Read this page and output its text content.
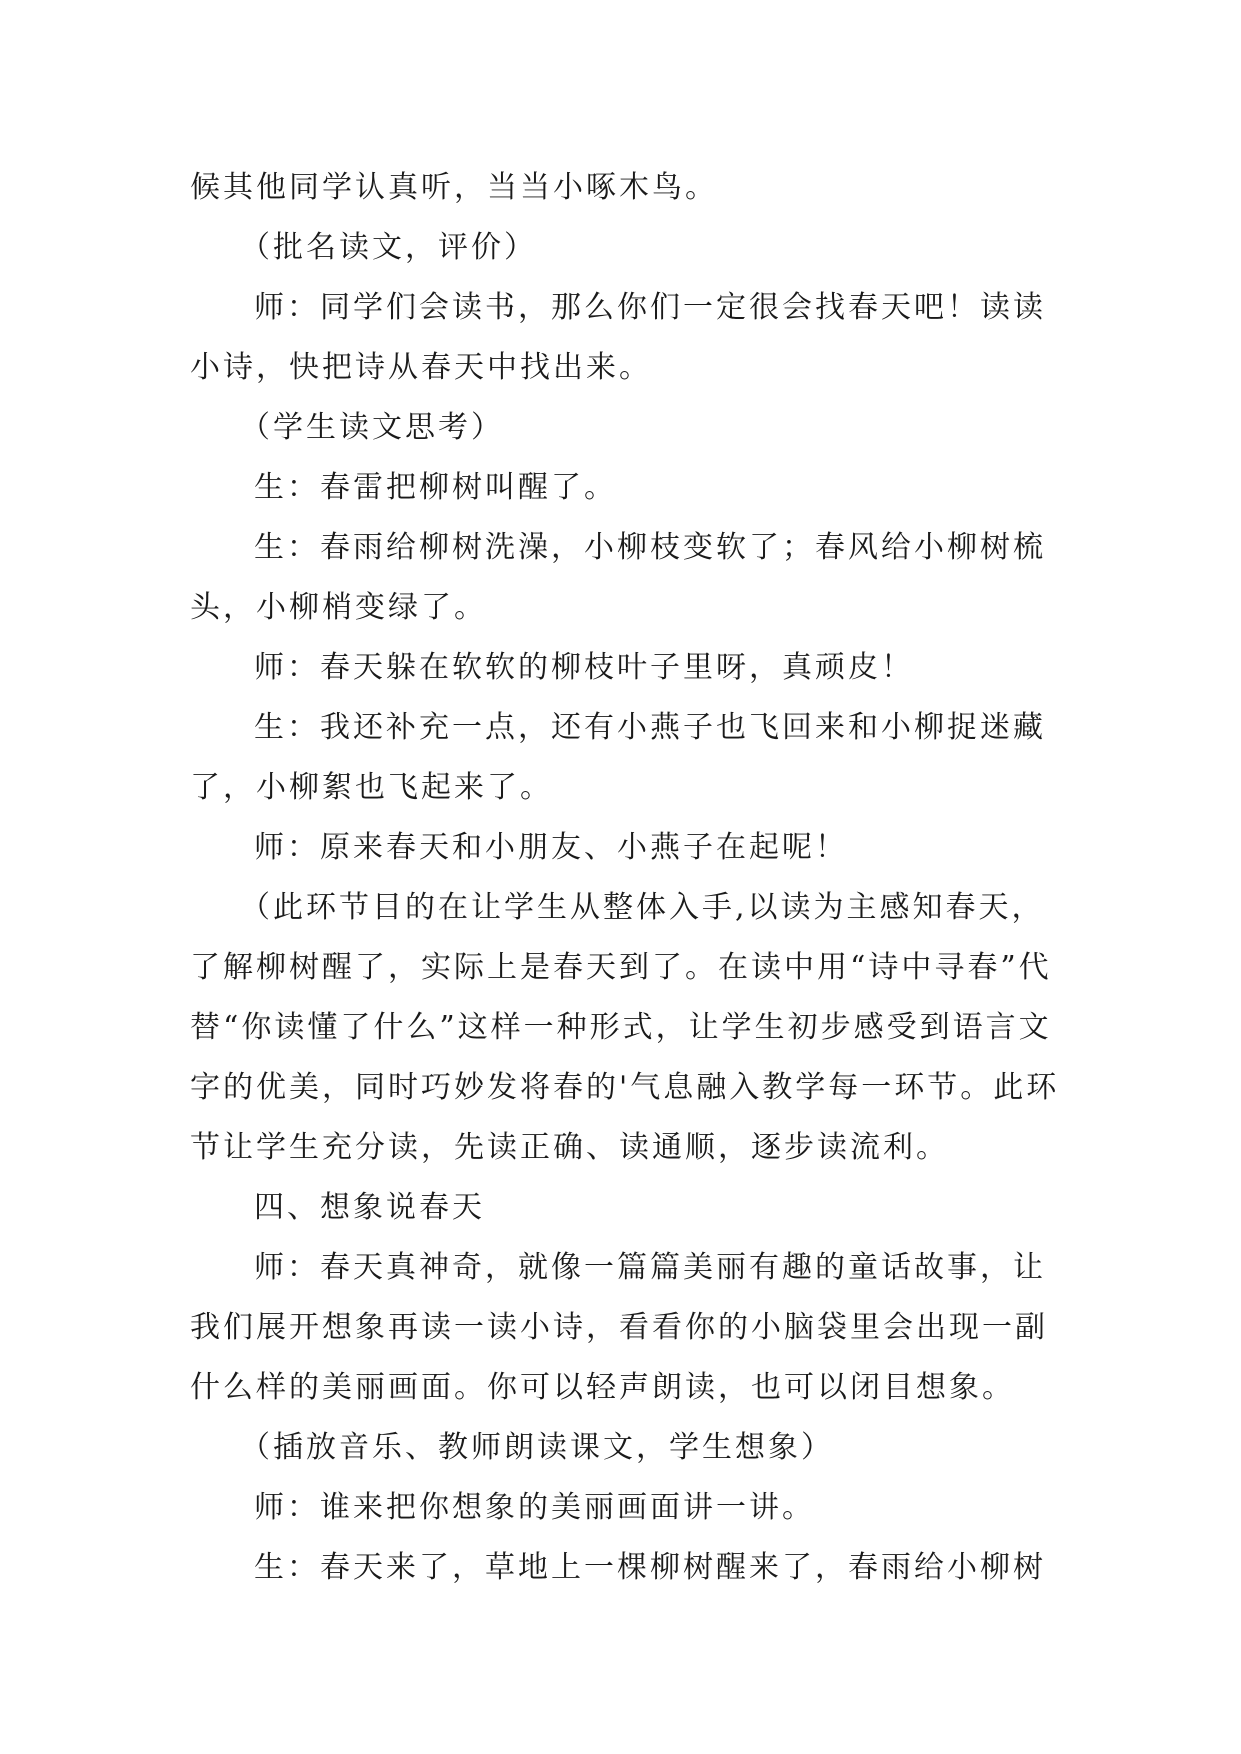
候其他同学认真听，当当小啄木鸟。

（批名读文，评价）

师：同学们会读书，那么你们一定很会找春天吧！读读小诗，快把诗从春天中找出来。

（学生读文思考）

生：春雷把柳树叫醒了。

生：春雨给柳树洗澡，小柳枝变软了；春风给小柳树梳头，小柳梢变绿了。

师：春天躲在软软的柳枝叶子里呀，真顽皮！

生：我还补充一点，还有小燕子也飞回来和小柳捉迷藏了，小柳絮也飞起来了。

师：原来春天和小朋友、小燕子在起呢！

（此环节目的在让学生从整体入手,以读为主感知春天，了解柳树醒了，实际上是春天到了。在读中用“诗中寻春”代替“你读懂了什么”这样一种形式，让学生初步感受到语言文字的优美，同时巧妙发将春的'气息融入教学每一环节。此环节让学生充分读，先读正确、读通顺，逐步读流利。

四、想象说春天

师：春天真神奇，就像一篇篇美丽有趣的童话故事，让我们展开想象再读一读小诗，看看你的小脑袋里会出现一副什么样的美丽画面。你可以轻声朗读，也可以闭目想象。

（插放音乐、教师朗读课文，学生想象）

师：谁来把你想象的美丽画面讲一讲。

生：春天来了，草地上一棵柳树醒来了，春雨给小柳树
